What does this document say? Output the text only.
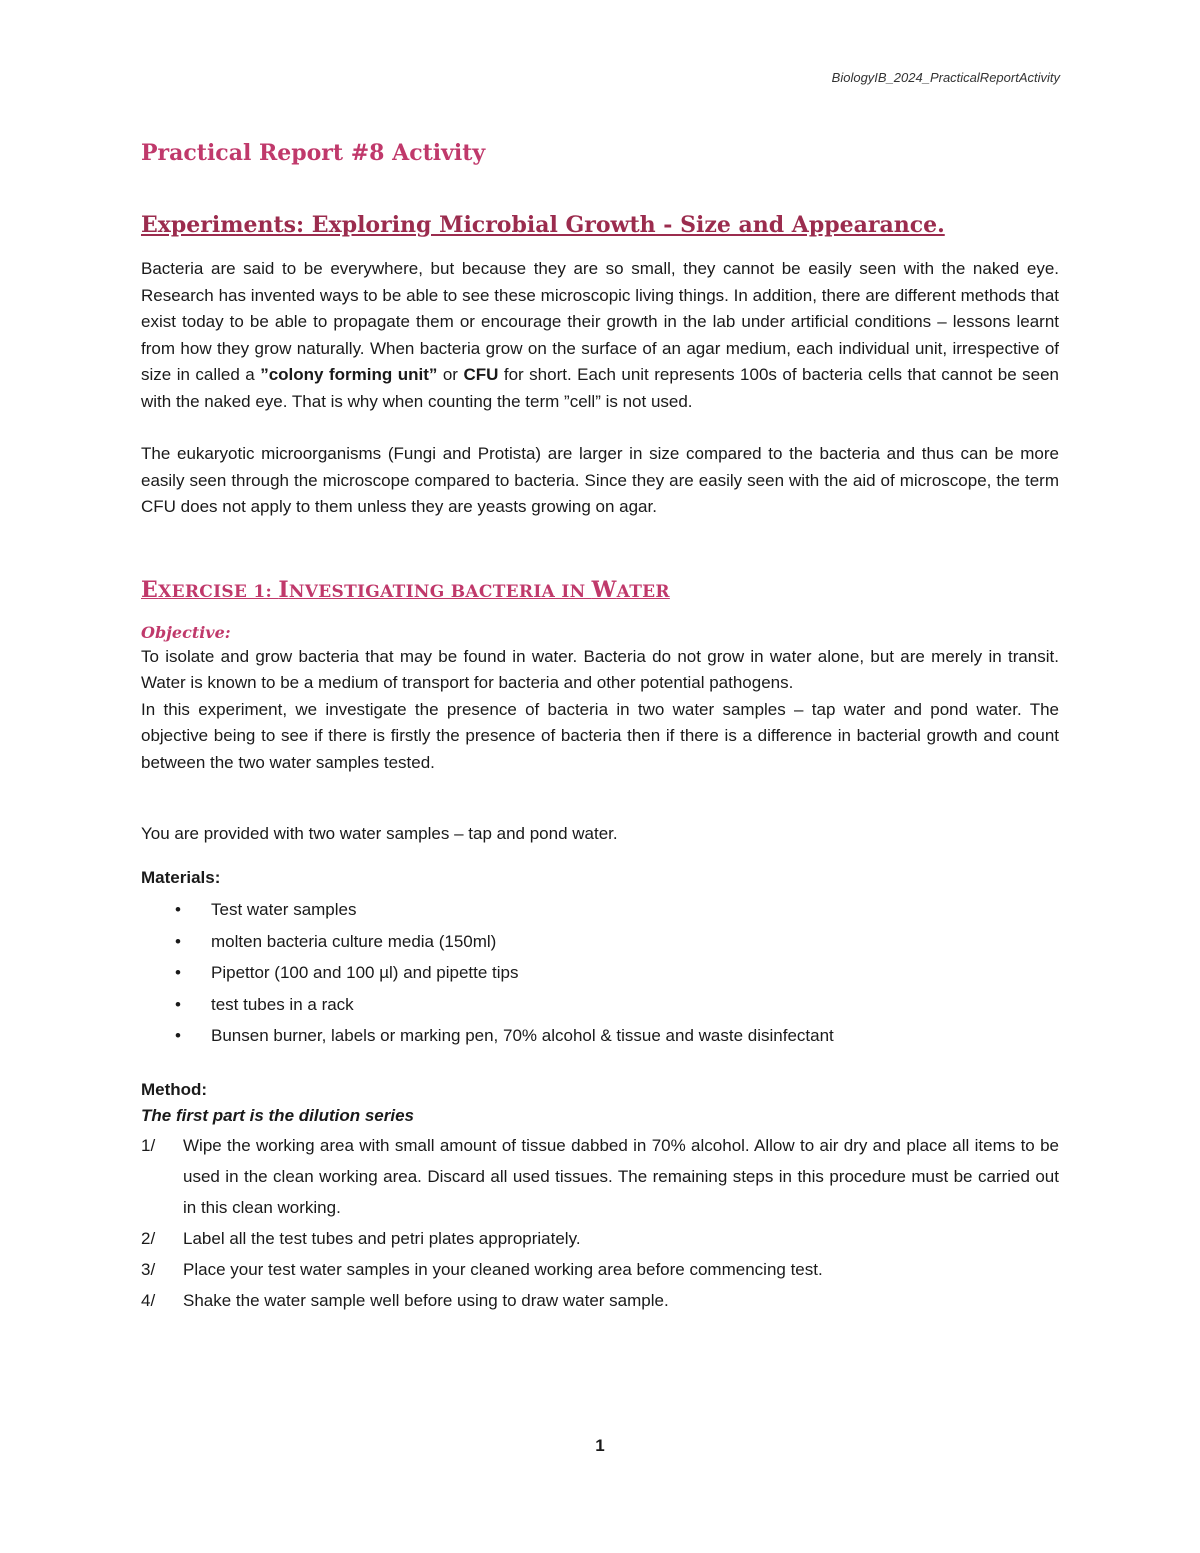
BiologyIB_2024_PracticalReportActivity
Practical Report #8 Activity
Experiments: Exploring Microbial Growth - Size and Appearance.

Bacteria are said to be everywhere, but because they are so small, they cannot be easily seen with the naked eye. Research has invented ways to be able to see these microscopic living things. In addition, there are different methods that exist today to be able to propagate them or encourage their growth in the lab under artificial conditions – lessons learnt from how they grow naturally. When bacteria grow on the surface of an agar medium, each individual unit, irrespective of size in called a ”colony forming unit” or CFU for short. Each unit represents 100s of bacteria cells that cannot be seen with the naked eye. That is why when counting the term ”cell” is not used.

The eukaryotic microorganisms (Fungi and Protista) are larger in size compared to the bacteria and thus can be more easily seen through the microscope compared to bacteria. Since they are easily seen with the aid of microscope, the term CFU does not apply to them unless they are yeasts growing on agar.

EXERCISE 1: INVESTIGATING BACTERIA IN WATER
Objective:

To isolate and grow bacteria that may be found in water. Bacteria do not grow in water alone, but are merely in transit. Water is known to be a medium of transport for bacteria and other potential pathogens.

In this experiment, we investigate the presence of bacteria in two water samples – tap water and pond water. The objective being to see if there is firstly the presence of bacteria then if there is a difference in bacterial growth and count between the two water samples tested.

You are provided with two water samples – tap and pond water.

Materials:
• Test water samples
• molten bacteria culture media (150ml)
• Pipettor (100 and 100 µl) and pipette tips
• test tubes in a rack
• Bunsen burner, labels or marking pen, 70% alcohol & tissue and waste disinfectant
Method:
The first part is the dilution series
1/ Wipe the working area with small amount of tissue dabbed in 70% alcohol. Allow to air dry and place all items to be used in the clean working area. Discard all used tissues. The remaining steps in this procedure must be carried out in this clean working.
2/ Label all the test tubes and petri plates appropriately.
3/ Place your test water samples in your cleaned working area before commencing test.
4/ Shake the water sample well before using to draw water sample.
1
